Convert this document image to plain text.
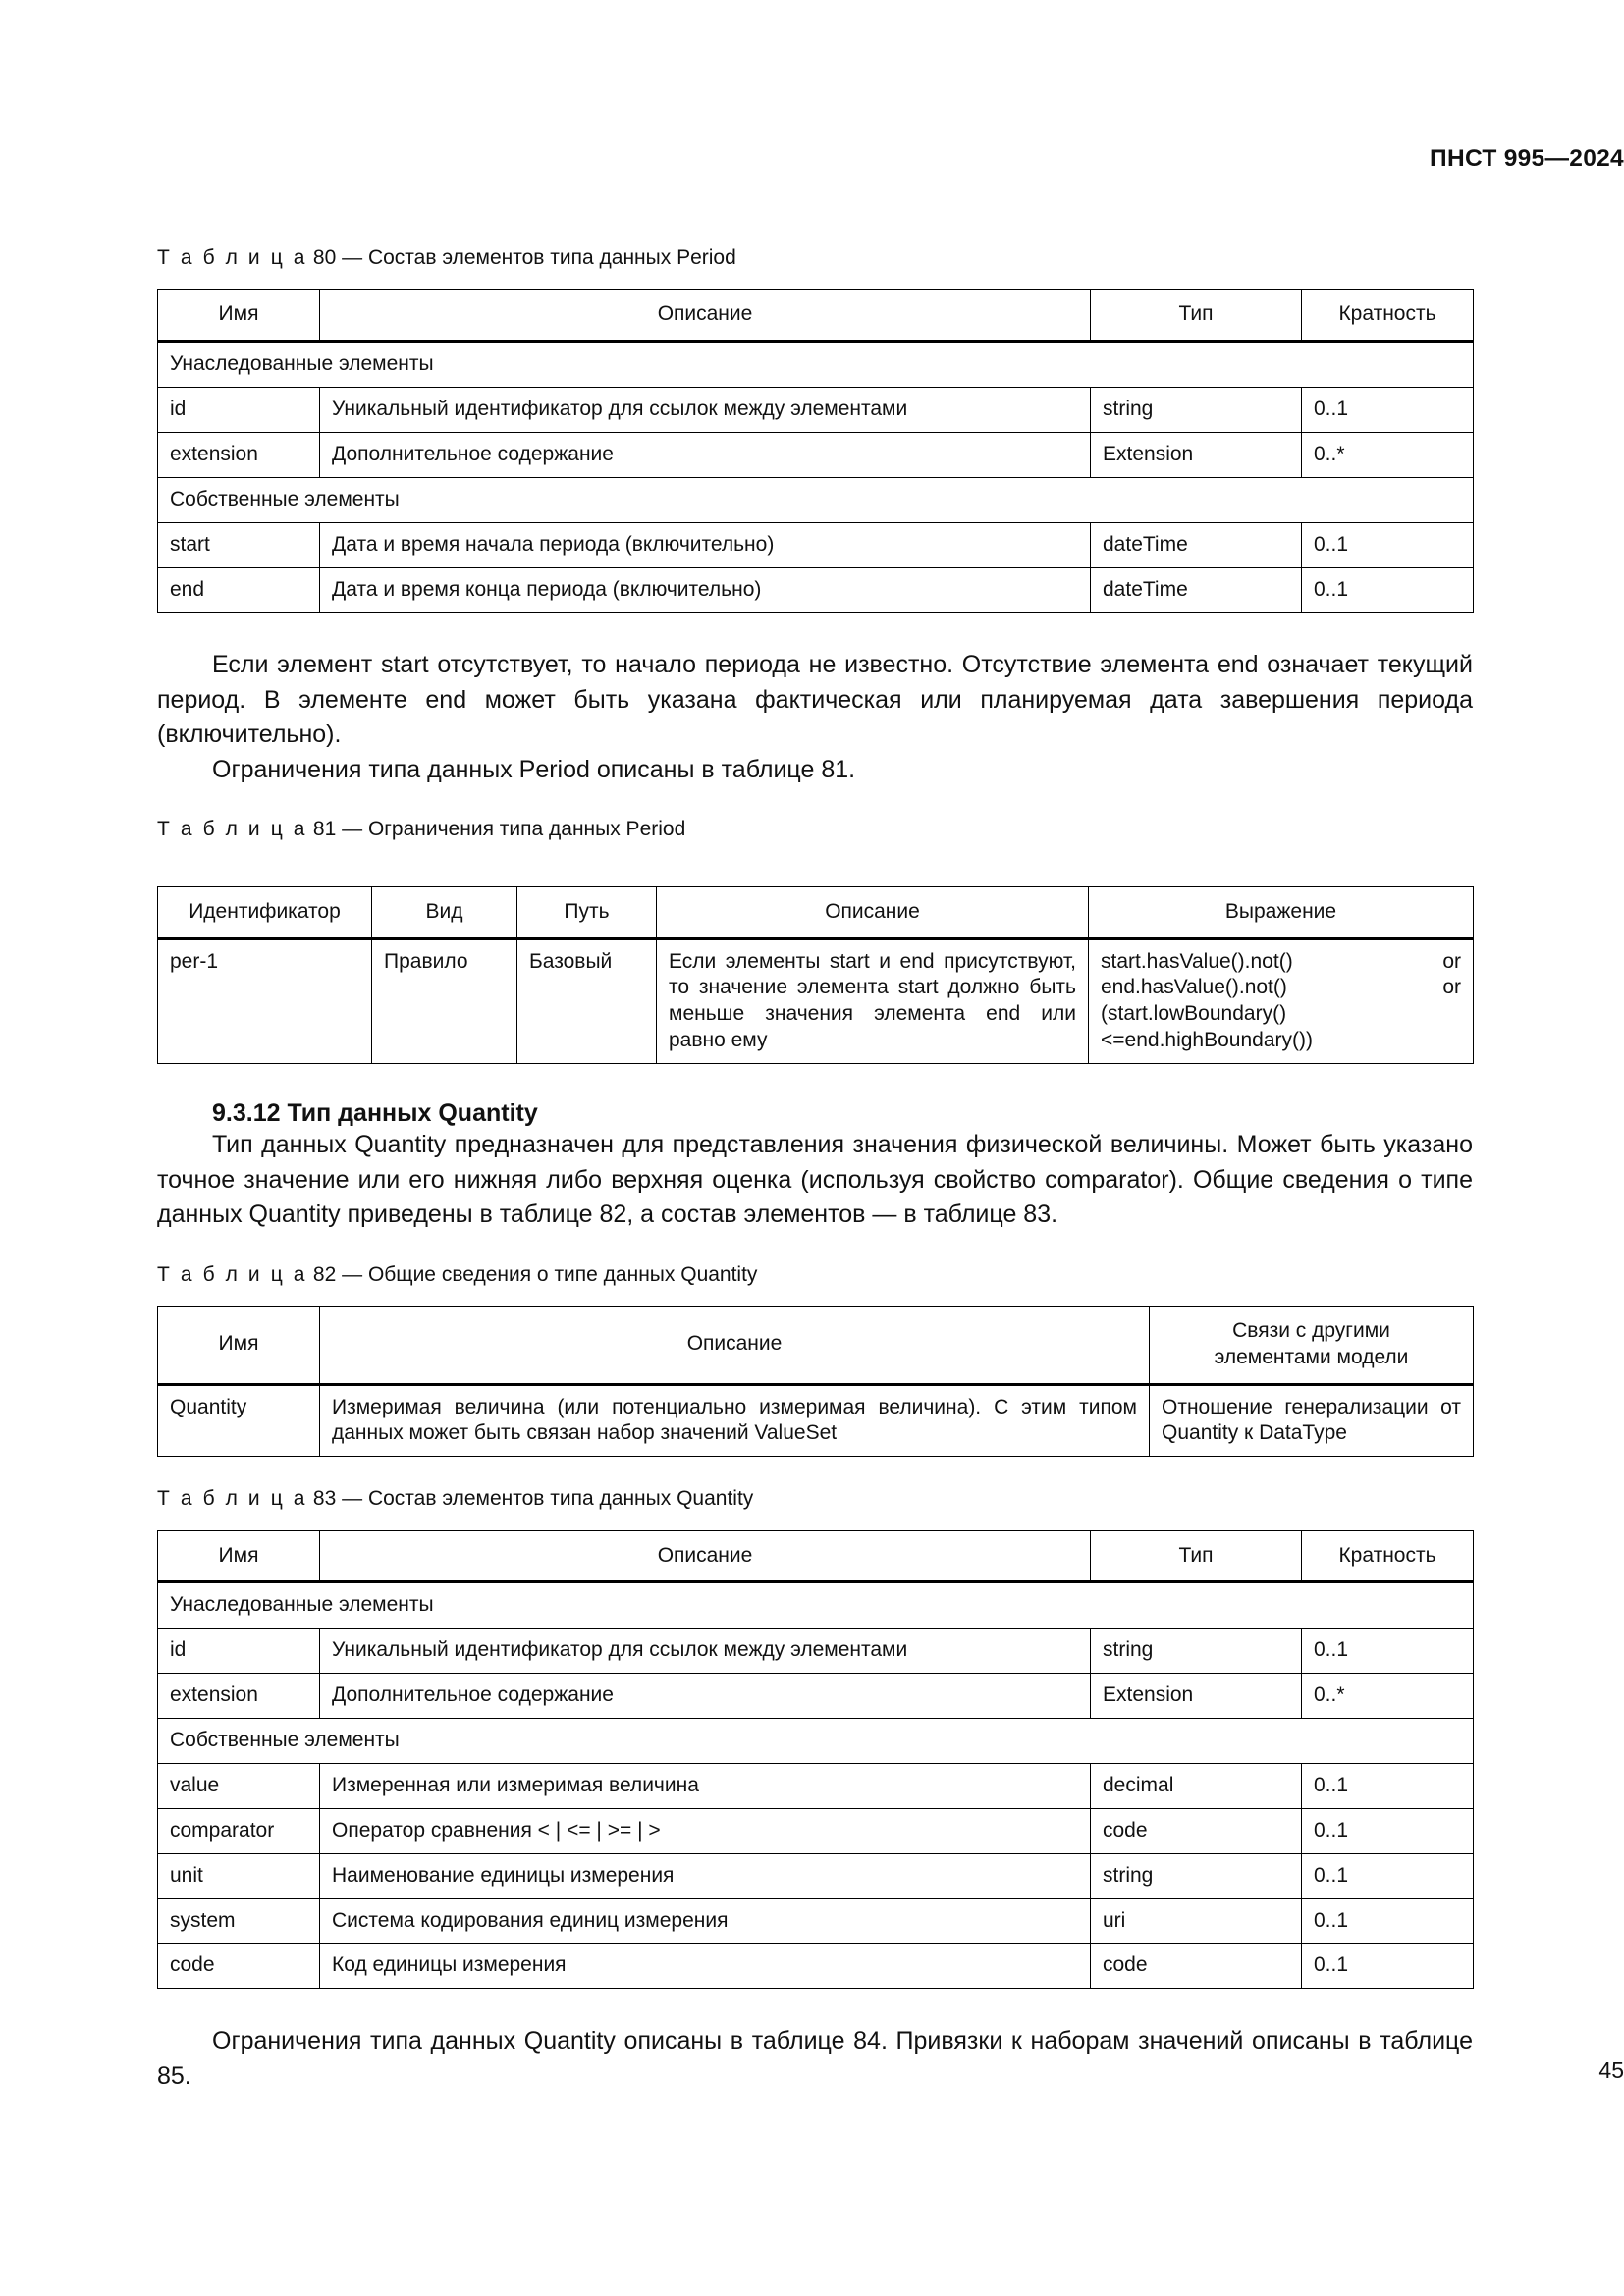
ПНСТ 995—2024
Т а б л и ц а 80 — Состав элементов типа данных Period
Имя	Описание	Тип	Кратность
Унаследованные элементы			
id	Уникальный идентификатор для ссылок между элементами	string	0..1
extension	Дополнительное содержание	Extension	0..*
Собственные элементы			
start	Дата и время начала периода (включительно)	dateTime	0..1
end	Дата и время конца периода (включительно)	dateTime	0..1

Если элемент start отсутствует, то начало периода не известно. Отсутствие элемента end означает текущий период. В элементе end может быть указана фактическая или планируемая дата завершения периода (включительно).

Ограничения типа данных Period описаны в таблице 81.

Т а б л и ц а 81 — Ограничения типа данных Period
Идентификатор	Вид	Путь	Описание	Выражение
per-1	Правило	Базовый	Если элементы start и end присутствуют, то значение элемента start должно быть меньше значения элемента end или равно ему	start.hasValue().not() or end.hasValue().not() or (start.lowBoundary() <=end.highBoundary())
9.3.12 Тип данных Quantity

Тип данных Quantity предназначен для представления значения физической величины. Может быть указано точное значение или его нижняя либо верхняя оценка (используя свойство comparator). Общие сведения о типе данных Quantity приведены в таблице 82, а состав элементов — в таблице 83.

Т а б л и ц а 82 — Общие сведения о типе данных Quantity
Имя	Описание	Связи с другими
элементами модели
Quantity	Измеримая величина (или потенциально измеримая величина). С этим типом данных может быть связан набор значений ValueSet	Отношение генерализации от Quantity к DataType
Т а б л и ц а 83 — Состав элементов типа данных Quantity
Имя	Описание	Тип	Кратность
Унаследованные элементы			
id	Уникальный идентификатор для ссылок между элементами	string	0..1
extension	Дополнительное содержание	Extension	0..*
Собственные элементы			
value	Измеренная или измеримая величина	decimal	0..1
comparator	Оператор сравнения < | <= | >= | >	code	0..1
unit	Наименование единицы измерения	string	0..1
system	Система кодирования единиц измерения	uri	0..1
code	Код единицы измерения	code	0..1

Ограничения типа данных Quantity описаны в таблице 84. Привязки к наборам значений описаны в таблице 85.	45
